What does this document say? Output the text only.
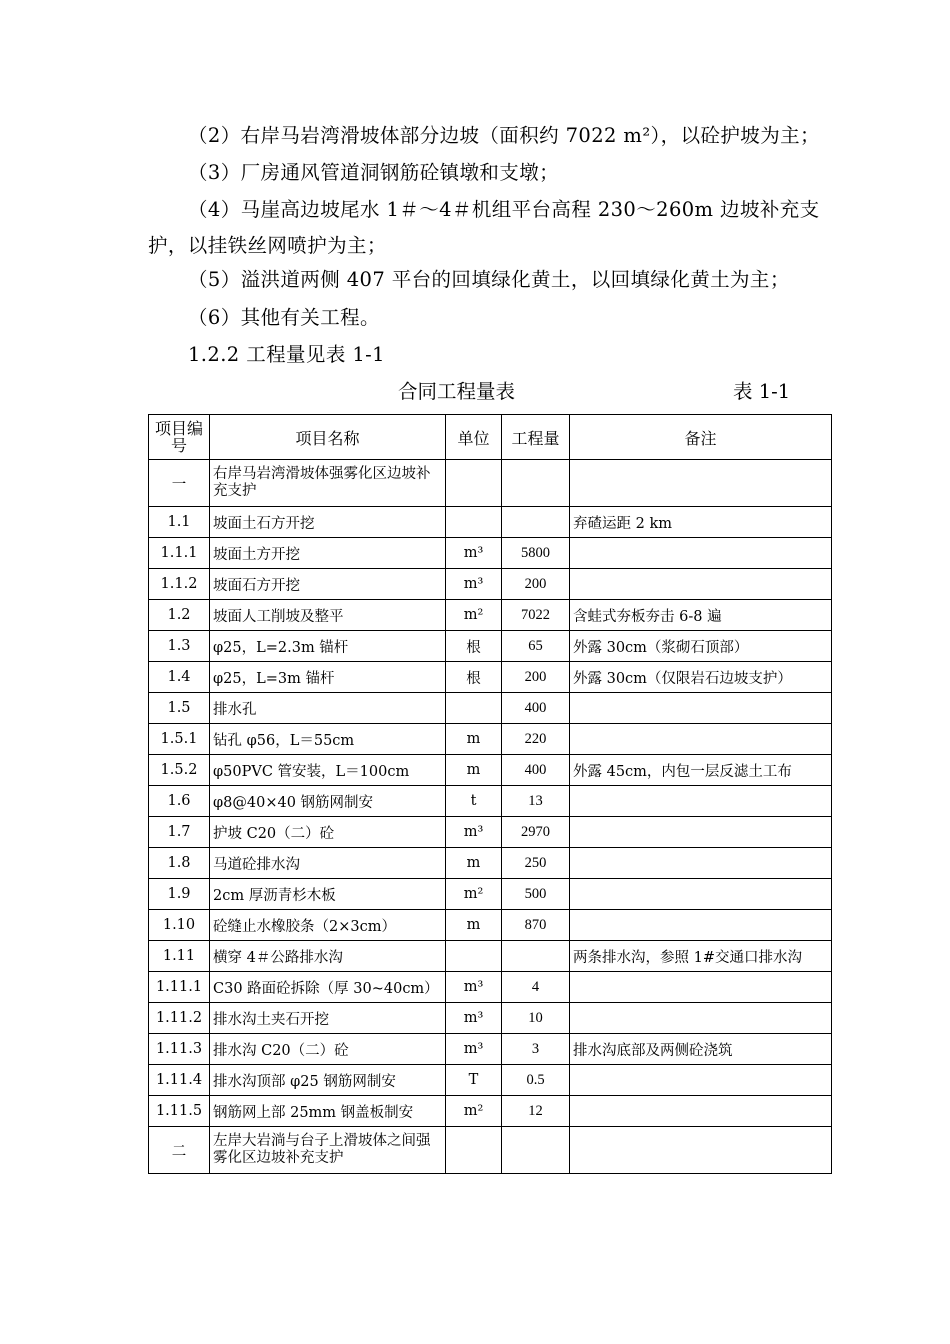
（2）右岸马岩湾滑坡体部分边坡（面积约 7022 m²），以砼护坡为主；
（3）厂房通风管道洞钢筋砼镇墩和支墩；
（4）马崖高边坡尾水 1＃～4＃机组平台高程 230～260m 边坡补充支护，以挂铁丝网喷护为主；
（5）溢洪道两侧 407 平台的回填绿化黄土，以回填绿化黄土为主；
（6）其他有关工程。
1.2.2 工程量见表 1-1
合同工程量表	表 1-1
项目编号	项目名称	单位	工程量	备注
一	右岸马岩湾滑坡体强雾化区边坡补充支护			
1.1	坡面土石方开挖			弃碴运距 2 km
1.1.1	坡面土方开挖	m³	5800	
1.1.2	坡面石方开挖	m³	200	
1.2	坡面人工削坡及整平	m²	7022	含蛙式夯板夯击 6-8 遍
1.3	φ25，L=2.3m 锚杆	根	65	外露 30cm（浆砌石顶部）
1.4	φ25，L=3m 锚杆	根	200	外露 30cm（仅限岩石边坡支护）
1.5	排水孔		400	
1.5.1	钻孔 φ56，L＝55cm	m	220	
1.5.2	φ50PVC 管安装，L＝100cm	m	400	外露 45cm，内包一层反滤土工布
1.6	φ8@40×40 钢筋网制安	t	13	
1.7	护坡 C20（二）砼	m³	2970	
1.8	马道砼排水沟	m	250	
1.9	2cm 厚沥青杉木板	m²	500	
1.10	砼缝止水橡胶条（2×3cm）	m	870	
1.11	横穿 4＃公路排水沟			两条排水沟，参照 1#交通口排水沟
1.11.1	C30 路面砼拆除（厚 30~40cm）	m³	4	
1.11.2	排水沟土夹石开挖	m³	10	
1.11.3	排水沟 C20（二）砼	m³	3	排水沟底部及两侧砼浇筑
1.11.4	排水沟顶部 φ25 钢筋网制安	T	0.5	
1.11.5	钢筋网上部 25mm 钢盖板制安	m²	12	
二	左岸大岩淌与台子上滑坡体之间强雾化区边坡补充支护			
